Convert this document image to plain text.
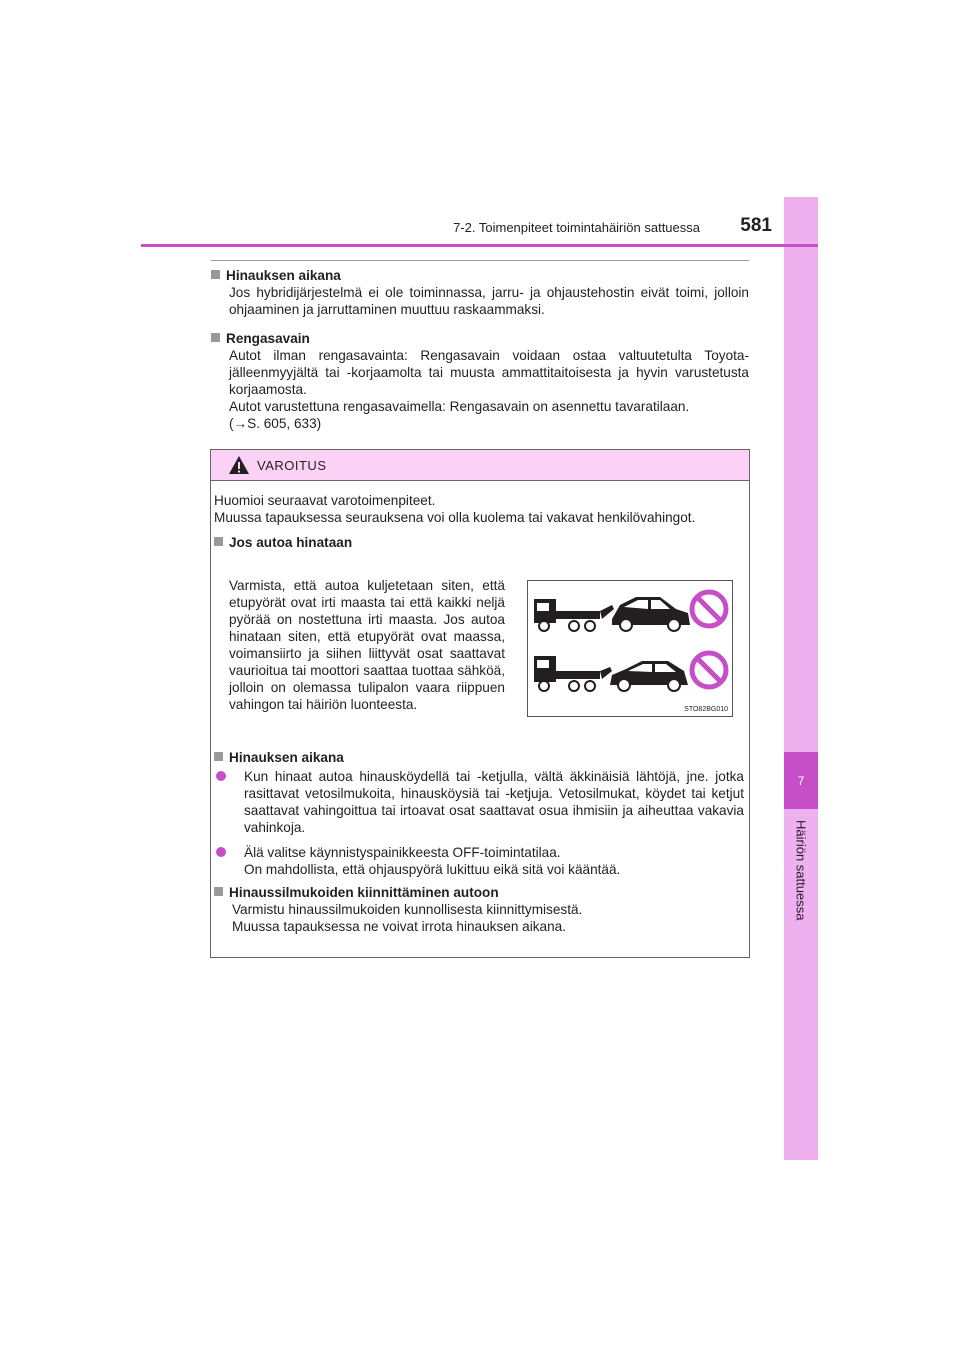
7
Häiriön sattuessa
7-2. Toimenpiteet toimintahäiriön sattuessa	581

Hinauksen aikana

Jos hybridijärjestelmä ei ole toiminnassa, jarru- ja ohjaustehostin eivät toimi, jolloin ohjaaminen ja jarruttaminen muuttuu raskaammaksi.

Rengasavain

Autot ilman rengasavainta: Rengasavain voidaan ostaa valtuutetulta Toyota-jälleenmyyjältä tai -korjaamolta tai muusta ammattitaitoisesta ja hyvin varustetusta korjaamosta.

Autot varustettuna rengasavaimella: Rengasavain on asennettu tavaratilaan.

(→S. 605, 633)

VAROITUS
Huomioi seuraavat varotoimenpiteet.
Muussa tapauksessa seurauksena voi olla kuolema tai vakavat henkilövahingot.

Jos autoa hinataan

Varmista, että autoa kuljetetaan siten, että etupyörät ovat irti maasta tai että kaikki neljä pyörää on nostettuna irti maasta. Jos autoa hinataan siten, että etupyörät ovat maassa, voimansiirto ja siihen liittyvät osat saattavat vaurioitua tai moottori saattaa tuottaa sähköä, jolloin on olemassa tulipalon vaara riippuen vahingon tai häiriön luonteesta.	STO82BG010

Hinauksen aikana

Kun hinaat autoa hinausköydellä tai -ketjulla, vältä äkkinäisiä lähtöjä, jne. jotka rasittavat vetosilmukoita, hinausköysiä tai -ketjuja. Vetosilmukat, köydet tai ketjut saattavat vahingoittua tai irtoavat osat saattavat osua ihmisiin ja aiheuttaa vakavia vahinkoja.
Älä valitse käynnistyspainikkeesta OFF-toimintatilaa.
On mahdollista, että ohjauspyörä lukittuu eikä sitä voi kääntää.

Hinaussilmukoiden kiinnittäminen autoon

Varmistu hinaussilmukoiden kunnollisesta kiinnittymisestä.

Muussa tapauksessa ne voivat irrota hinauksen aikana.
